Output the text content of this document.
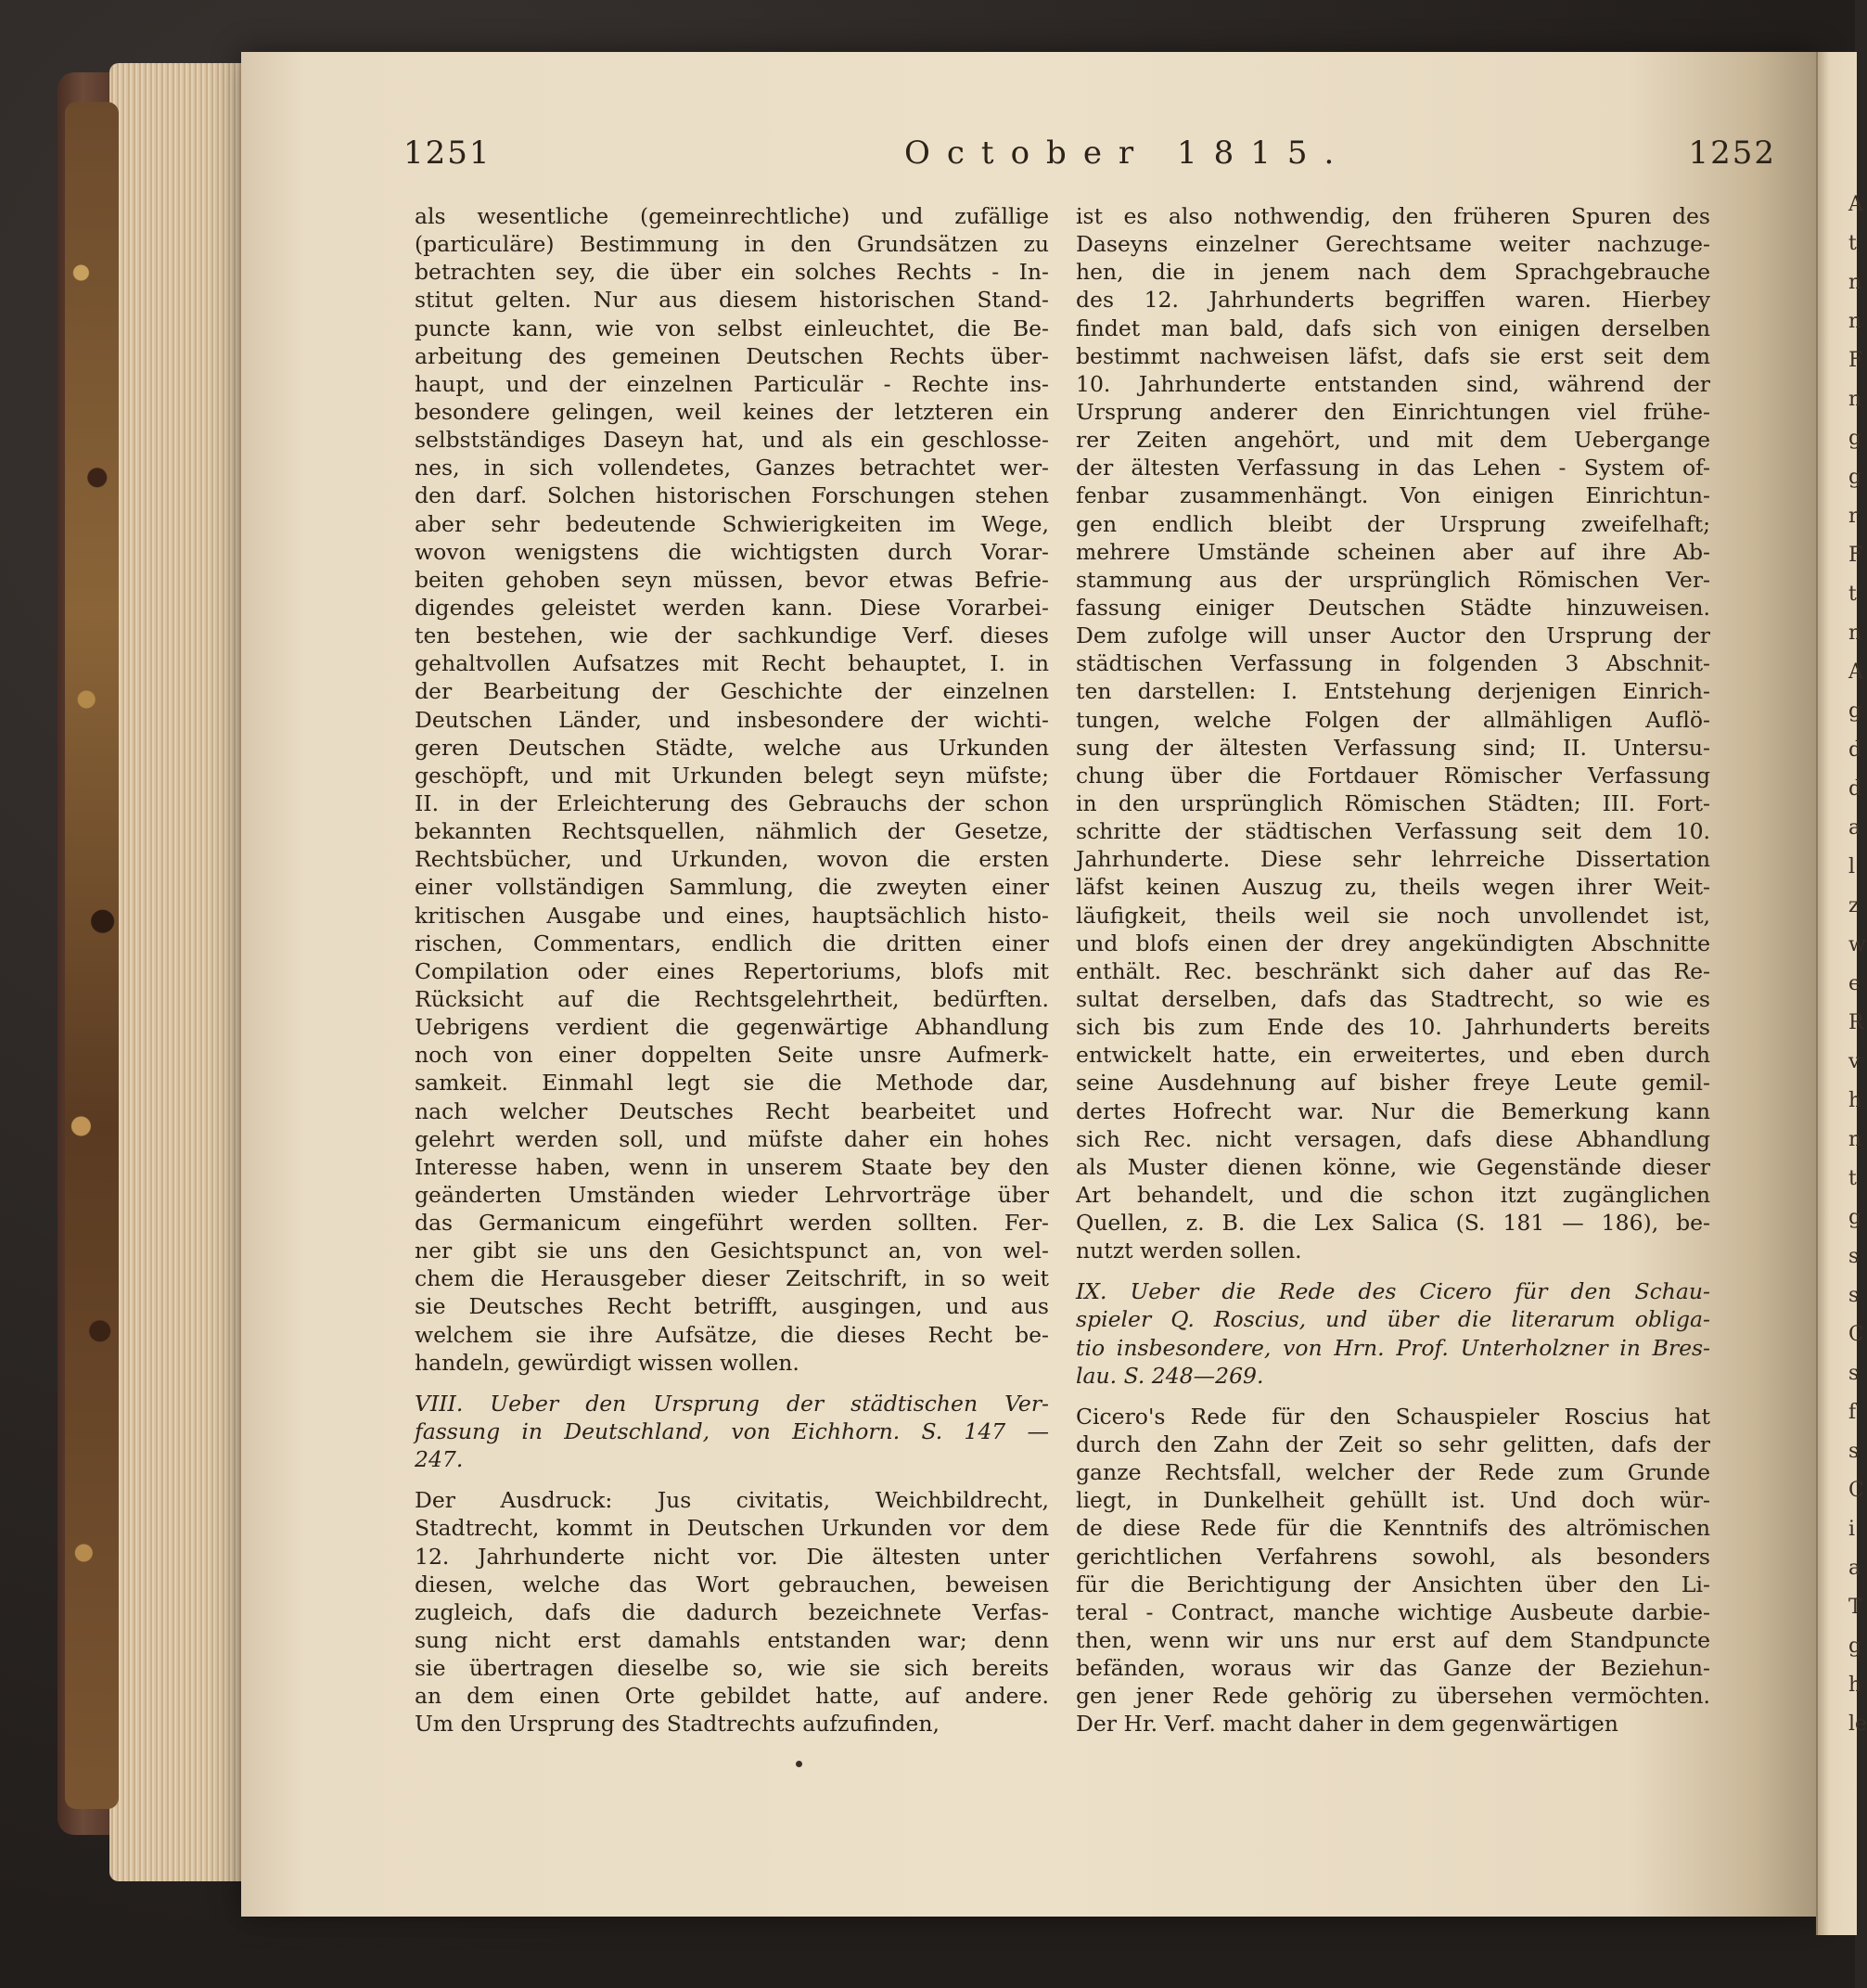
A
t
n
n
F
n
g
g
r
F
t
n
A
g
d
d
a
l
z
w
e
R
v
h
n
t
g
s
s
C
s
f
s
C
i
a
T
g
h
le
1251	October 1815.	1252
als wesentliche (gemeinrechtliche) und zufällige
(particuläre) Bestimmung in den Grundsätzen zu
betrachten sey, die über ein solches Rechts - In-
stitut gelten. Nur aus diesem historischen Stand-
puncte kann, wie von selbst einleuchtet, die Be-
arbeitung des gemeinen Deutschen Rechts über-
haupt, und der einzelnen Particulär - Rechte ins-
besondere gelingen, weil keines der letzteren ein
selbstständiges Daseyn hat, und als ein geschlosse-
nes, in sich vollendetes, Ganzes betrachtet wer-
den darf. Solchen historischen Forschungen stehen
aber sehr bedeutende Schwierigkeiten im Wege,
wovon wenigstens die wichtigsten durch Vorar-
beiten gehoben seyn müssen, bevor etwas Befrie-
digendes geleistet werden kann. Diese Vorarbei-
ten bestehen, wie der sachkundige Verf. dieses
gehaltvollen Aufsatzes mit Recht behauptet, I. in
der Bearbeitung der Geschichte der einzelnen
Deutschen Länder, und insbesondere der wichti-
geren Deutschen Städte, welche aus Urkunden
geschöpft, und mit Urkunden belegt seyn müfste;
II. in der Erleichterung des Gebrauchs der schon
bekannten Rechtsquellen, nähmlich der Gesetze,
Rechtsbücher, und Urkunden, wovon die ersten
einer vollständigen Sammlung, die zweyten einer
kritischen Ausgabe und eines, hauptsächlich histo-
rischen, Commentars, endlich die dritten einer
Compilation oder eines Repertoriums, blofs mit
Rücksicht auf die Rechtsgelehrtheit, bedürften.
Uebrigens verdient die gegenwärtige Abhandlung
noch von einer doppelten Seite unsre Aufmerk-
samkeit. Einmahl legt sie die Methode dar,
nach welcher Deutsches Recht bearbeitet und
gelehrt werden soll, und müfste daher ein hohes
Interesse haben, wenn in unserem Staate bey den
geänderten Umständen wieder Lehrvorträge über
das Germanicum eingeführt werden sollten. Fer-
ner gibt sie uns den Gesichtspunct an, von wel-
chem die Herausgeber dieser Zeitschrift, in so weit
sie Deutsches Recht betrifft, ausgingen, und aus
welchem sie ihre Aufsätze, die dieses Recht be-
handeln, gewürdigt wissen wollen.
VIII. Ueber den Ursprung der städtischen Ver-
fassung in Deutschland, von Eichhorn. S. 147 —
247.
Der Ausdruck: Jus civitatis, Weichbildrecht,
Stadtrecht, kommt in Deutschen Urkunden vor dem
12. Jahrhunderte nicht vor. Die ältesten unter
diesen, welche das Wort gebrauchen, beweisen
zugleich, dafs die dadurch bezeichnete Verfas-
sung nicht erst damahls entstanden war; denn
sie übertragen dieselbe so, wie sie sich bereits
an dem einen Orte gebildet hatte, auf andere.
Um den Ursprung des Stadtrechts aufzufinden,
ist es also nothwendig, den früheren Spuren des
Daseyns einzelner Gerechtsame weiter nachzuge-
hen, die in jenem nach dem Sprachgebrauche
des 12. Jahrhunderts begriffen waren. Hierbey
findet man bald, dafs sich von einigen derselben
bestimmt nachweisen läfst, dafs sie erst seit dem
10. Jahrhunderte entstanden sind, während der
Ursprung anderer den Einrichtungen viel frühe-
rer Zeiten angehört, und mit dem Uebergange
der ältesten Verfassung in das Lehen - System of-
fenbar zusammenhängt. Von einigen Einrichtun-
gen endlich bleibt der Ursprung zweifelhaft;
mehrere Umstände scheinen aber auf ihre Ab-
stammung aus der ursprünglich Römischen Ver-
fassung einiger Deutschen Städte hinzuweisen.
Dem zufolge will unser Auctor den Ursprung der
städtischen Verfassung in folgenden 3 Abschnit-
ten darstellen: I. Entstehung derjenigen Einrich-
tungen, welche Folgen der allmähligen Auflö-
sung der ältesten Verfassung sind; II. Untersu-
chung über die Fortdauer Römischer Verfassung
in den ursprünglich Römischen Städten; III. Fort-
schritte der städtischen Verfassung seit dem 10.
Jahrhunderte. Diese sehr lehrreiche Dissertation
läfst keinen Auszug zu, theils wegen ihrer Weit-
läufigkeit, theils weil sie noch unvollendet ist,
und blofs einen der drey angekündigten Abschnitte
enthält. Rec. beschränkt sich daher auf das Re-
sultat derselben, dafs das Stadtrecht, so wie es
sich bis zum Ende des 10. Jahrhunderts bereits
entwickelt hatte, ein erweitertes, und eben durch
seine Ausdehnung auf bisher freye Leute gemil-
dertes Hofrecht war. Nur die Bemerkung kann
sich Rec. nicht versagen, dafs diese Abhandlung
als Muster dienen könne, wie Gegenstände dieser
Art behandelt, und die schon itzt zugänglichen
Quellen, z. B. die Lex Salica (S. 181 — 186), be-
nutzt werden sollen.
IX. Ueber die Rede des Cicero für den Schau-
spieler Q. Roscius, und über die literarum obliga-
tio insbesondere, von Hrn. Prof. Unterholzner in Bres-
lau. S. 248—269.
Cicero's Rede für den Schauspieler Roscius hat
durch den Zahn der Zeit so sehr gelitten, dafs der
ganze Rechtsfall, welcher der Rede zum Grunde
liegt, in Dunkelheit gehüllt ist. Und doch wür-
de diese Rede für die Kenntnifs des altrömischen
gerichtlichen Verfahrens sowohl, als besonders
für die Berichtigung der Ansichten über den Li-
teral - Contract, manche wichtige Ausbeute darbie-
then, wenn wir uns nur erst auf dem Standpuncte
befänden, woraus wir das Ganze der Beziehun-
gen jener Rede gehörig zu übersehen vermöchten.
Der Hr. Verf. macht daher in dem gegenwärtigen
